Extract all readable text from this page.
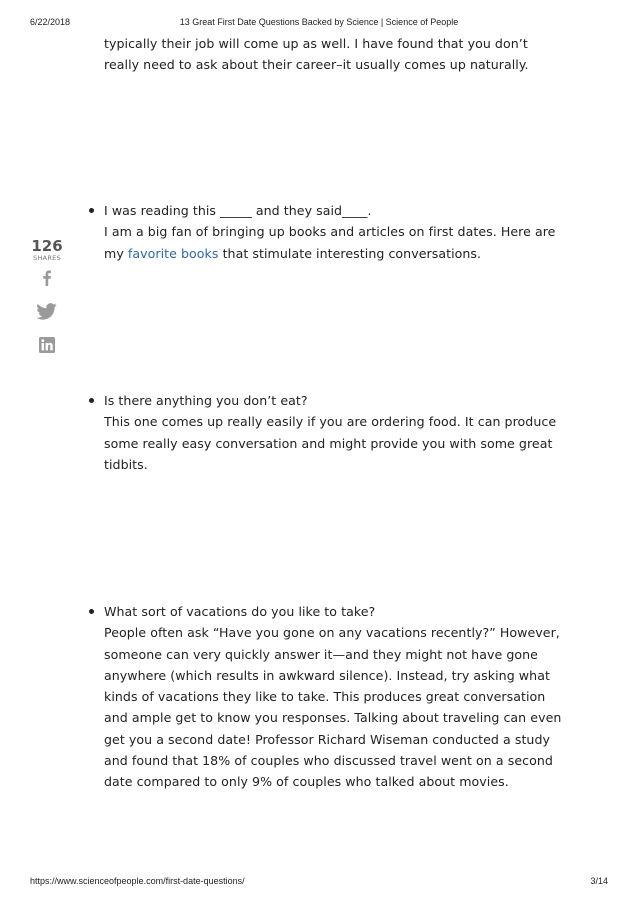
6/22/2018	13 Great First Date Questions Backed by Science | Science of People
typically their job will come up as well. I have found that you don’t
really need to ask about their career–it usually comes up naturally.
126
SHARES
I was reading this _____ and they said____.
I am a big fan of bringing up books and articles on first dates. Here are
my favorite books that stimulate interesting conversations.
Is there anything you don’t eat?
This one comes up really easily if you are ordering food. It can produce
some really easy conversation and might provide you with some great
tidbits.
What sort of vacations do you like to take?
People often ask “Have you gone on any vacations recently?” However,
someone can very quickly answer it—and they might not have gone
anywhere (which results in awkward silence). Instead, try asking what
kinds of vacations they like to take. This produces great conversation
and ample get to know you responses. Talking about traveling can even
get you a second date! Professor Richard Wiseman conducted a study
and found that 18% of couples who discussed travel went on a second
date compared to only 9% of couples who talked about movies.
https://www.scienceofpeople.com/first-date-questions/	3/14
